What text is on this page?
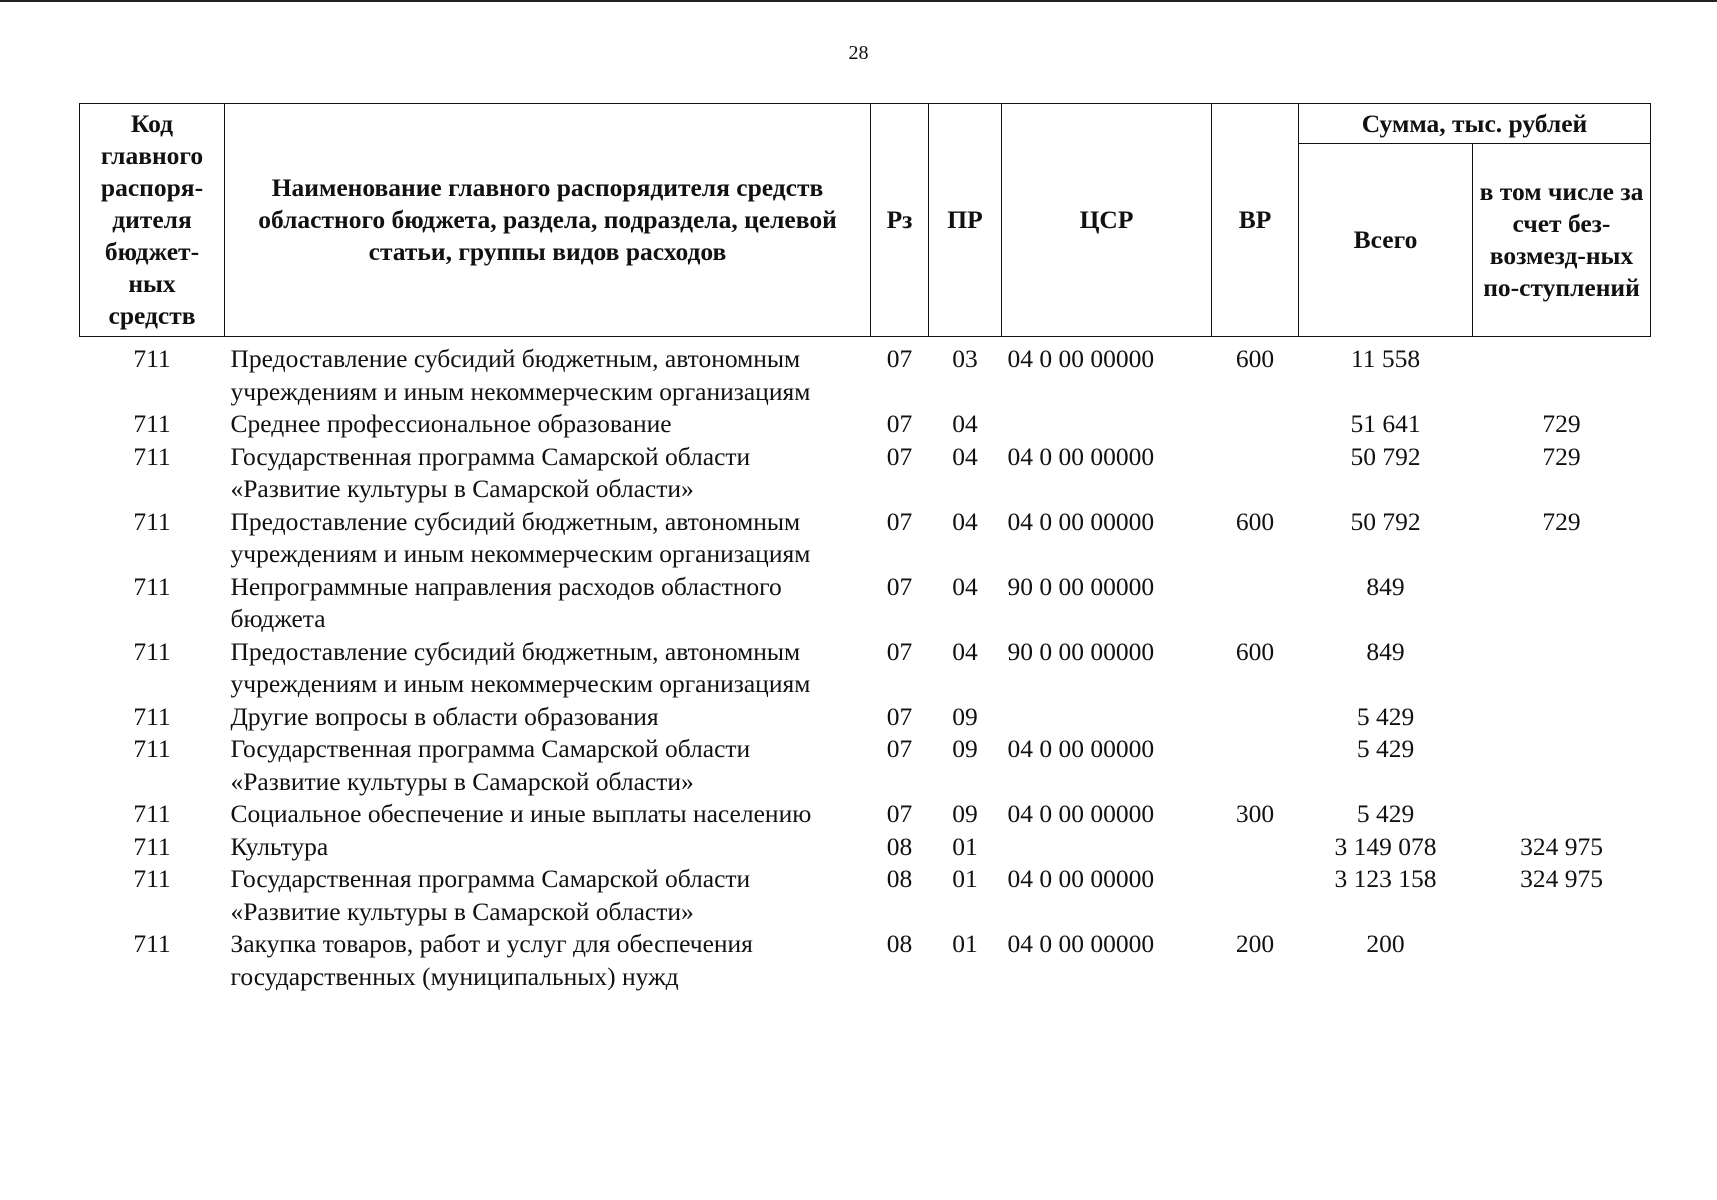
28
Код главного распоря-дителя бюджет-ных средств	Наименование главного распорядителя средств областного бюджета, раздела, подраздела, целевой статьи, группы видов расходов	Рз	ПР	ЦСР	ВР	Сумма, тыс. рублей	
						Всего	в том числе за счет без-возмезд-ных по-ступлений
711	Предоставление субсидий бюджетным, автономным учреждениям и иным некоммерческим организациям	07	03	04 0 00 00000	600	11 558	
711	Среднее профессиональное образование	07	04			51 641	729
711	Государственная программа Самарской области «Развитие культуры в Самарской области»	07	04	04 0 00 00000		50 792	729
711	Предоставление субсидий бюджетным, автономным учреждениям и иным некоммерческим организациям	07	04	04 0 00 00000	600	50 792	729
711	Непрограммные направления расходов областного бюджета	07	04	90 0 00 00000		849	
711	Предоставление субсидий бюджетным, автономным учреждениям и иным некоммерческим организациям	07	04	90 0 00 00000	600	849	
711	Другие вопросы в области образования	07	09			5 429	
711	Государственная программа Самарской области «Развитие культуры в Самарской области»	07	09	04 0 00 00000		5 429	
711	Социальное обеспечение и иные выплаты населению	07	09	04 0 00 00000	300	5 429	
711	Культура	08	01			3 149 078	324 975
711	Государственная программа Самарской области «Развитие культуры в Самарской области»	08	01	04 0 00 00000		3 123 158	324 975
711	Закупка товаров, работ и услуг для обеспечения государственных (муниципальных) нужд	08	01	04 0 00 00000	200	200	
